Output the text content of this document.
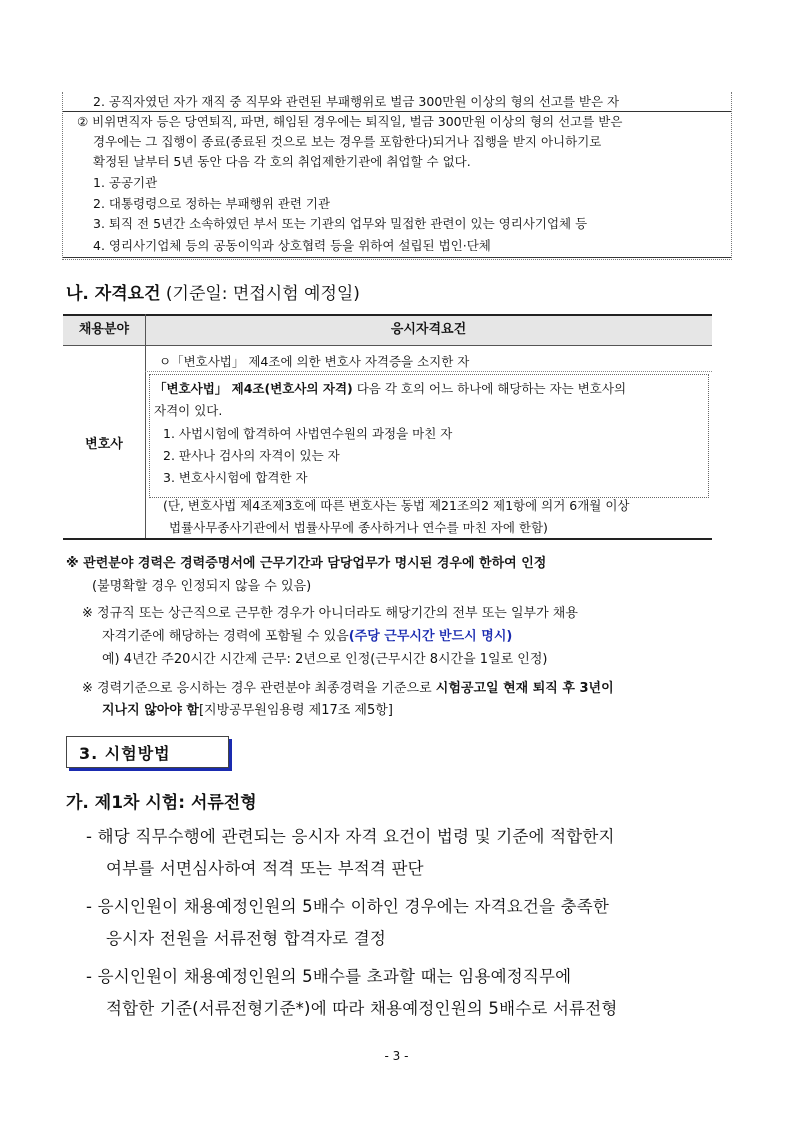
2. 공직자였던 자가 재직 중 직무와 관련된 부패행위로 벌금 300만원 이상의 형의 선고를 받은 자
② 비위면직자 등은 당연퇴직, 파면, 해임된 경우에는 퇴직일, 벌금 300만원 이상의 형의 선고를 받은
경우에는 그 집행이 종료(종료된 것으로 보는 경우를 포함한다)되거나 집행을 받지 아니하기로
확정된 날부터 5년 동안 다음 각 호의 취업제한기관에 취업할 수 없다.
1. 공공기관
2. 대통령령으로 정하는 부패행위 관련 기관
3. 퇴직 전 5년간 소속하였던 부서 또는 기관의 업무와 밀접한 관련이 있는 영리사기업체 등
4. 영리사기업체 등의 공동이익과 상호협력 등을 위하여 설립된 법인·단체
나. 자격요건 (기준일: 면접시험 예정일)
채용분야	응시자격요건
변호사
ㅇ「변호사법」 제4조에 의한 변호사 자격증을 소지한 자
「변호사법」 제4조(변호사의 자격) 다음 각 호의 어느 하나에 해당하는 자는 변호사의
자격이 있다.
1. 사법시험에 합격하여 사법연수원의 과정을 마친 자
2. 판사나 검사의 자격이 있는 자
3. 변호사시험에 합격한 자
(단, 변호사법 제4조제3호에 따른 변호사는 동법 제21조의2 제1항에 의거 6개월 이상
법률사무종사기관에서 법률사무에 종사하거나 연수를 마친 자에 한함)
※ 관련분야 경력은 경력증명서에 근무기간과 담당업무가 명시된 경우에 한하여 인정
(불명확할 경우 인정되지 않을 수 있음)
※ 정규직 또는 상근직으로 근무한 경우가 아니더라도 해당기간의 전부 또는 일부가 채용
자격기준에 해당하는 경력에 포함될 수 있음(주당 근무시간 반드시 명시)
예) 4년간 주20시간 시간제 근무: 2년으로 인정(근무시간 8시간을 1일로 인정)
※ 경력기준으로 응시하는 경우 관련분야 최종경력을 기준으로 시험공고일 현재 퇴직 후 3년이
지나지 않아야 함[지방공무원임용령 제17조 제5항]
3. 시험방법
가. 제1차 시험: 서류전형
- 해당 직무수행에 관련되는 응시자 자격 요건이 법령 및 기준에 적합한지
여부를 서면심사하여 적격 또는 부적격 판단
- 응시인원이 채용예정인원의 5배수 이하인 경우에는 자격요건을 충족한
응시자 전원을 서류전형 합격자로 결정
- 응시인원이 채용예정인원의 5배수를 초과할 때는 임용예정직무에
적합한 기준(서류전형기준*)에 따라 채용예정인원의 5배수로 서류전형
- 3 -
